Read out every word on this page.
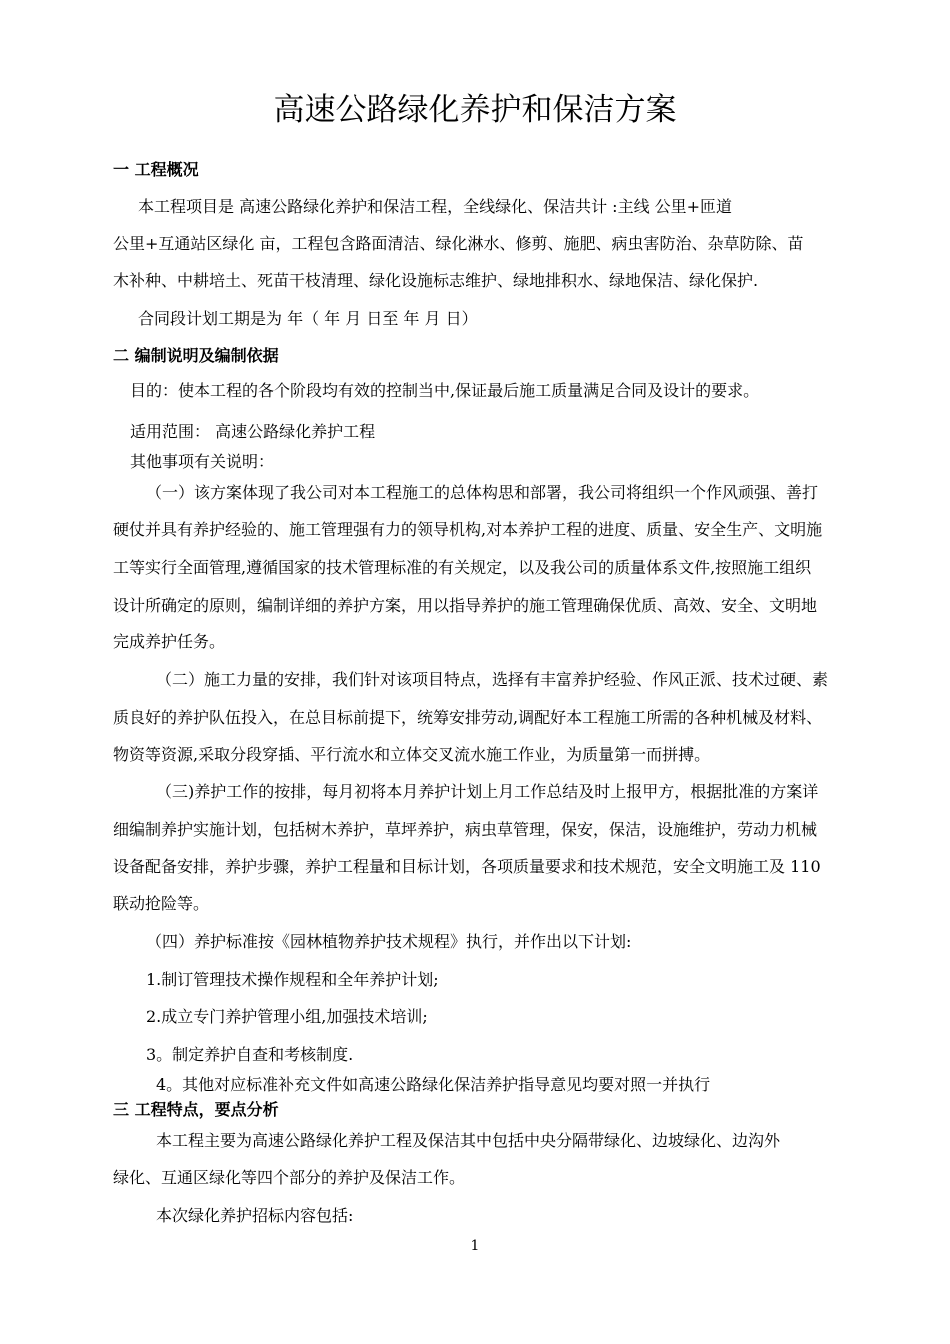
高速公路绿化养护和保洁方案
一 工程概况
本工程项目是 高速公路绿化养护和保洁工程，全线绿化、保洁共计 :主线 公里+匝道
公里+互通站区绿化 亩，工程包含路面清洁、绿化淋水、修剪、施肥、病虫害防治、杂草防除、苗
木补种、中耕培土、死苗干枝清理、绿化设施标志维护、绿地排积水、绿地保洁、绿化保护.
合同段计划工期是为 年（ 年 月 日至 年 月 日）
二 编制说明及编制依据
目的：使本工程的各个阶段均有效的控制当中,保证最后施工质量满足合同及设计的要求。
适用范围： 高速公路绿化养护工程
其他事项有关说明：
（一）该方案体现了我公司对本工程施工的总体构思和部署，我公司将组织一个作风顽强、善打
硬仗并具有养护经验的、施工管理强有力的领导机构,对本养护工程的进度、质量、安全生产、文明施
工等实行全面管理,遵循国家的技术管理标准的有关规定，以及我公司的质量体系文件,按照施工组织
设计所确定的原则，编制详细的养护方案，用以指导养护的施工管理确保优质、高效、安全、文明地
完成养护任务。
（二）施工力量的安排，我们针对该项目特点，选择有丰富养护经验、作风正派、技术过硬、素
质良好的养护队伍投入，在总目标前提下，统筹安排劳动,调配好本工程施工所需的各种机械及材料、
物资等资源,采取分段穿插、平行流水和立体交叉流水施工作业，为质量第一而拼搏。
（三)养护工作的按排，每月初将本月养护计划上月工作总结及时上报甲方，根据批准的方案详
细编制养护实施计划，包括树木养护，草坪养护，病虫草管理，保安，保洁，设施维护，劳动力机械
设备配备安排，养护步骤，养护工程量和目标计划，各项质量要求和技术规范，安全文明施工及 110
联动抢险等。
（四）养护标准按《园林植物养护技术规程》执行，并作出以下计划:
1.制订管理技术操作规程和全年养护计划;
2.成立专门养护管理小组,加强技术培训;
3。制定养护自查和考核制度.
4。其他对应标准补充文件如高速公路绿化保洁养护指导意见均要对照一并执行
三 工程特点，要点分析
本工程主要为高速公路绿化养护工程及保洁其中包括中央分隔带绿化、边坡绿化、边沟外
绿化、互通区绿化等四个部分的养护及保洁工作。
本次绿化养护招标内容包括:
1
